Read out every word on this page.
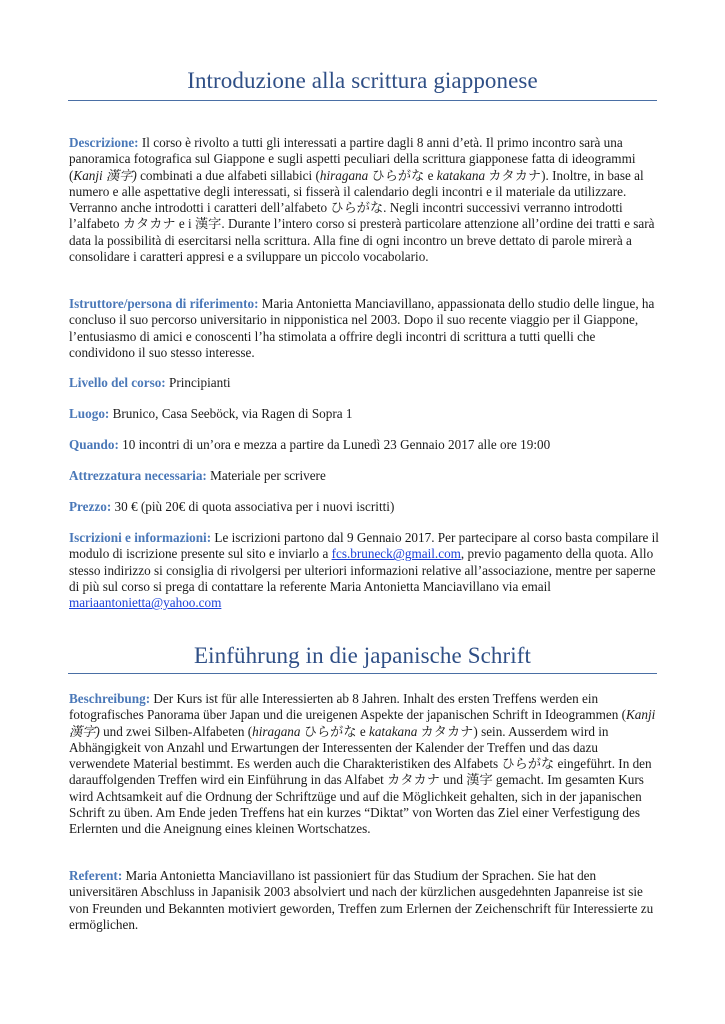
Introduzione alla scrittura giapponese

Descrizione: Il corso è rivolto a tutti gli interessati a partire dagli 8 anni d’età. Il primo incontro sarà una panoramica fotografica sul Giappone e sugli aspetti peculiari della scrittura giapponese fatta di ideogrammi (Kanji 漢字) combinati a due alfabeti sillabici (hiragana ひらがな e katakana カタカナ). Inoltre, in base al numero e alle aspettative degli interessati, si fisserà il calendario degli incontri e il materiale da utilizzare. Verranno anche introdotti i caratteri dell’alfabeto ひらがな. Negli incontri successivi verranno introdotti l’alfabeto カタカナ e i 漢字. Durante l’intero corso si presterà particolare attenzione all’ordine dei tratti e sarà data la possibilità di esercitarsi nella scrittura. Alla fine di ogni incontro un breve dettato di parole mirerà a consolidare i caratteri appresi e a sviluppare un piccolo vocabolario.

Istruttore/persona di riferimento: Maria Antonietta Manciavillano, appassionata dello studio delle lingue, ha concluso il suo percorso universitario in nipponistica nel 2003. Dopo il suo recente viaggio per il Giappone, l’entusiasmo di amici e conoscenti l’ha stimolata a offrire degli incontri di scrittura a tutti quelli che condividono il suo stesso interesse.

Livello del corso: Principianti

Luogo: Brunico, Casa Seeböck, via Ragen di Sopra 1

Quando: 10 incontri di un’ora e mezza a partire da Lunedì 23 Gennaio 2017 alle ore 19:00

Attrezzatura necessaria: Materiale per scrivere

Prezzo: 30 € (più 20€ di quota associativa per i nuovi iscritti)

Iscrizioni e informazioni: Le iscrizioni partono dal 9 Gennaio 2017. Per partecipare al corso basta compilare il modulo di iscrizione presente sul sito e inviarlo a fcs.bruneck@gmail.com, previo pagamento della quota. Allo stesso indirizzo si consiglia di rivolgersi per ulteriori informazioni relative all’associazione, mentre per saperne di più sul corso si prega di contattare la referente Maria Antonietta Manciavillano via email mariaantonietta@yahoo.com

Einführung in die japanische Schrift

Beschreibung: Der Kurs ist für alle Interessierten ab 8 Jahren. Inhalt des ersten Treffens werden ein fotografisches Panorama über Japan und die ureigenen Aspekte der japanischen Schrift in Ideogrammen (Kanji 漢字) und zwei Silben-Alfabeten (hiragana ひらがな e katakana カタカナ) sein. Ausserdem wird in Abhängigkeit von Anzahl und Erwartungen der Interessenten der Kalender der Treffen und das dazu verwendete Material bestimmt. Es werden auch die Charakteristiken des Alfabets ひらがな eingeführt. In den darauffolgenden Treffen wird ein Einführung in das Alfabet カタカナ und 漢字 gemacht. Im gesamten Kurs wird Achtsamkeit auf die Ordnung der Schriftzüge und auf die Möglichkeit gehalten, sich in der japanischen Schrift zu üben. Am Ende jeden Treffens hat ein kurzes “Diktat” von Worten das Ziel einer Verfestigung des Erlernten und die Aneignung eines kleinen Wortschatzes.

Referent: Maria Antonietta Manciavillano ist passioniert für das Studium der Sprachen. Sie hat den universitären Abschluss in Japanisik 2003 absolviert und nach der kürzlichen ausgedehnten Japanreise ist sie von Freunden und Bekannten motiviert geworden, Treffen zum Erlernen der Zeichenschrift für Interessierte zu ermöglichen.
